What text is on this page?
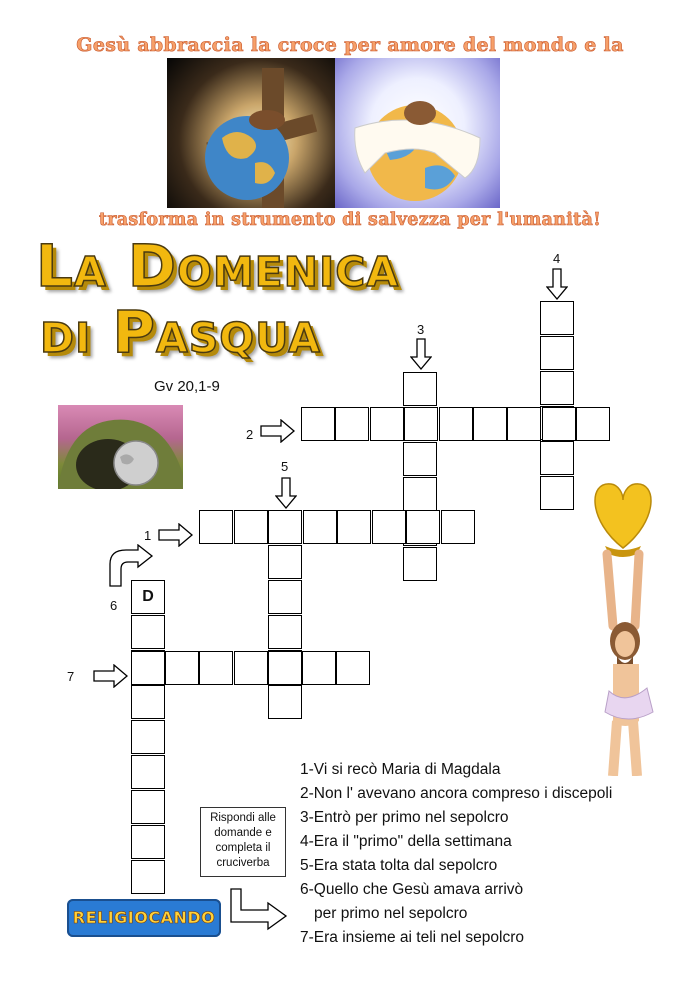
Gesù abbraccia la croce per amore del mondo e la
trasforma in strumento di salvezza per l'umanità!
La Domenica
di Pasqua
Gv 20,1-9
4
3
2
5
1
6
7
D
1-Vi si recò Maria di Magdala
2-Non l' avevano ancora compreso i discepoli
3-Entrò per primo nel sepolcro
4-Era il "primo" della settimana
5-Era stata tolta dal sepolcro
6-Quello che Gesù amava arrivò
per primo nel sepolcro
7-Era insieme ai teli nel sepolcro
Rispondi alle
domande e
completa il
cruciverba
RELIGIOCANDO
